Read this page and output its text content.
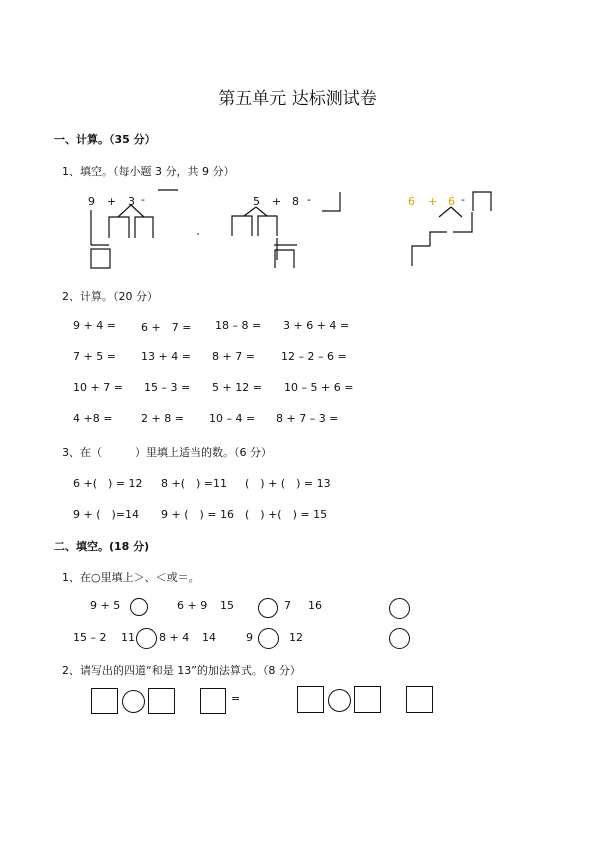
第五单元 达标测试卷
一、计算。（35 分）
1、填空。（每小题 3 分，共 9 分）
9 + 3 -	5 + 8 -	6 + 6 -
2、计算。（20 分）
9 + 4 = 6 +　7 = 18 – 8 = 3 + 6 + 4 =
7 + 5 = 13 + 4 = 8 + 7 = 12 – 2 – 6 =
10 + 7 = 15 – 3 = 5 + 12 = 10 – 5 + 6 =
4 +8 =	2 + 8 = 10 – 4 = 8 + 7 – 3 =
3、在（　　　）里填上适当的数。（6 分）
6 +(　) = 12 8 +(　) =11 (　) + (　) = 13
9 + (　)=14 9 + (　) = 16 (　) +(　) = 15
二、填空。(18 分)
1、在○里填上＞、＜或＝。
9 + 5	6 + 9 15	7 16
15 – 2 11 8 + 4 14	9	12
2、请写出的四道“和是 13”的加法算式。（8 分）
=
